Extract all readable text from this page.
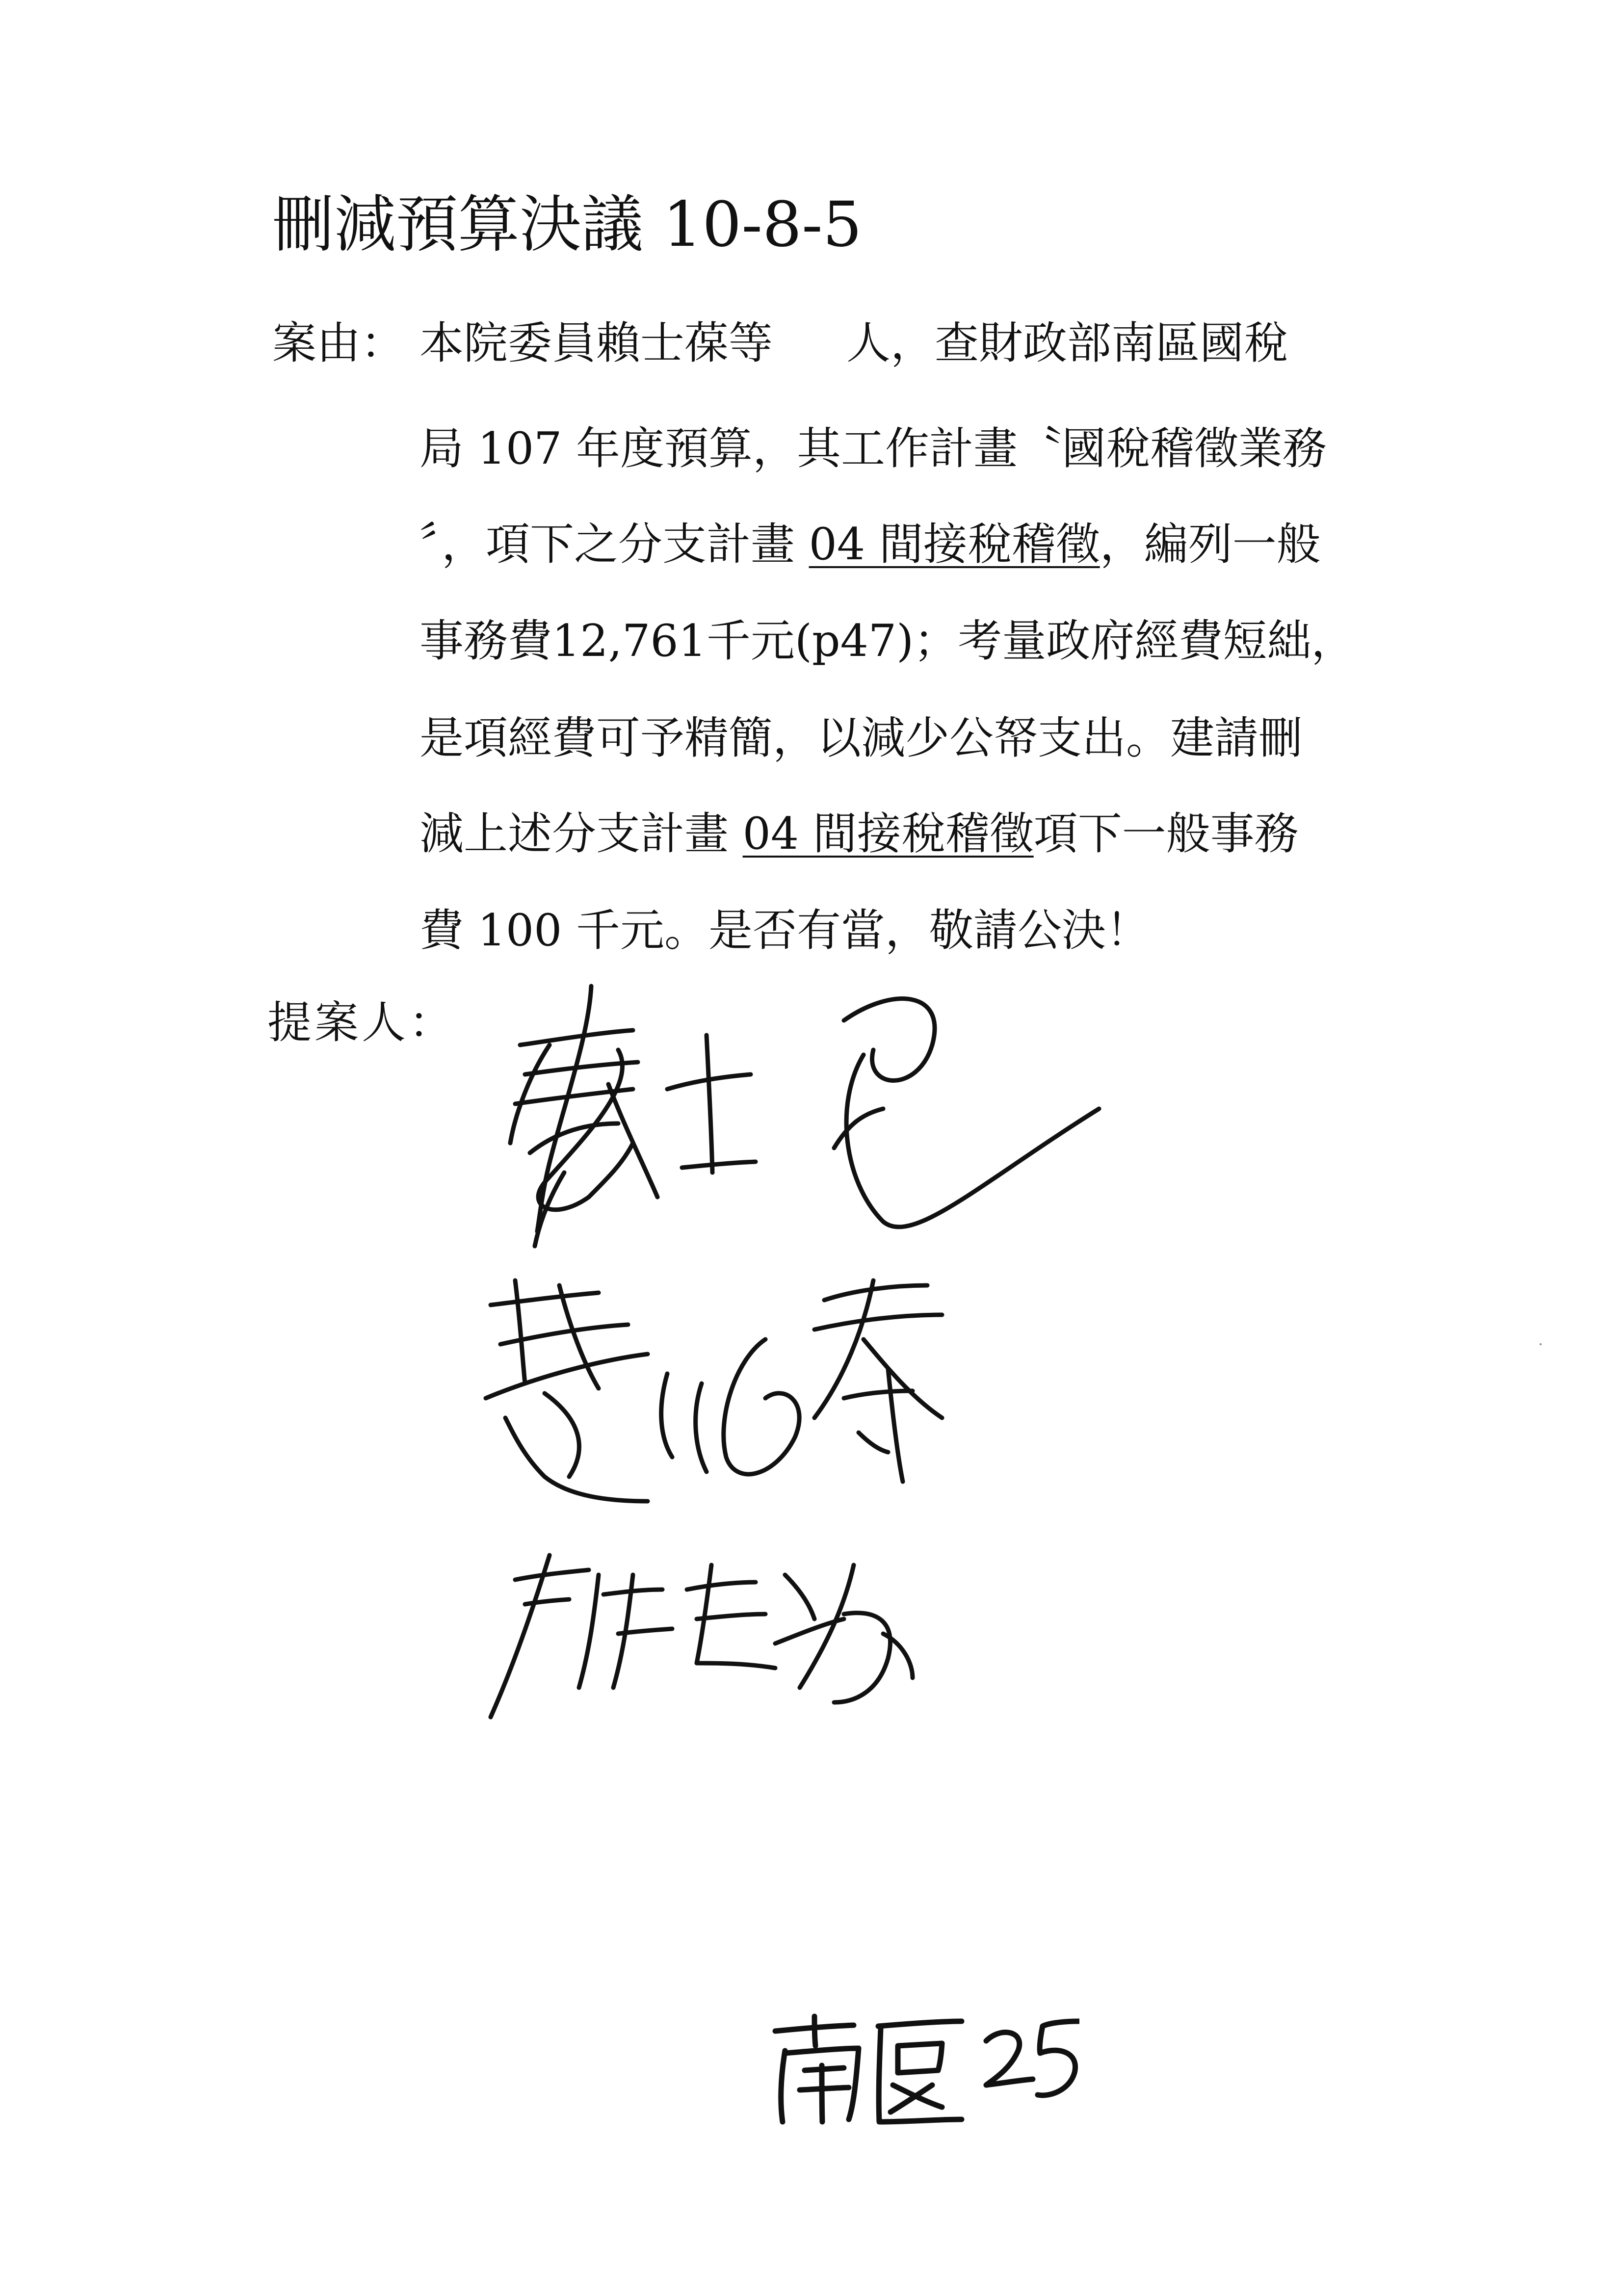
刪減預算決議 10-8-5
案由： 本院委員賴士葆等 人，查財政部南區國稅
局 107 年度預算，其工作計畫〝國稅稽徵業務
〞，項下之分支計畫 04 間接稅稽徵，編列一般
事務費12,761千元(p47)；考量政府經費短絀，
是項經費可予精簡，以減少公帑支出。建請刪
減上述分支計畫 04 間接稅稽徵項下一般事務
費 100 千元。是否有當，敬請公決！
提案人：
